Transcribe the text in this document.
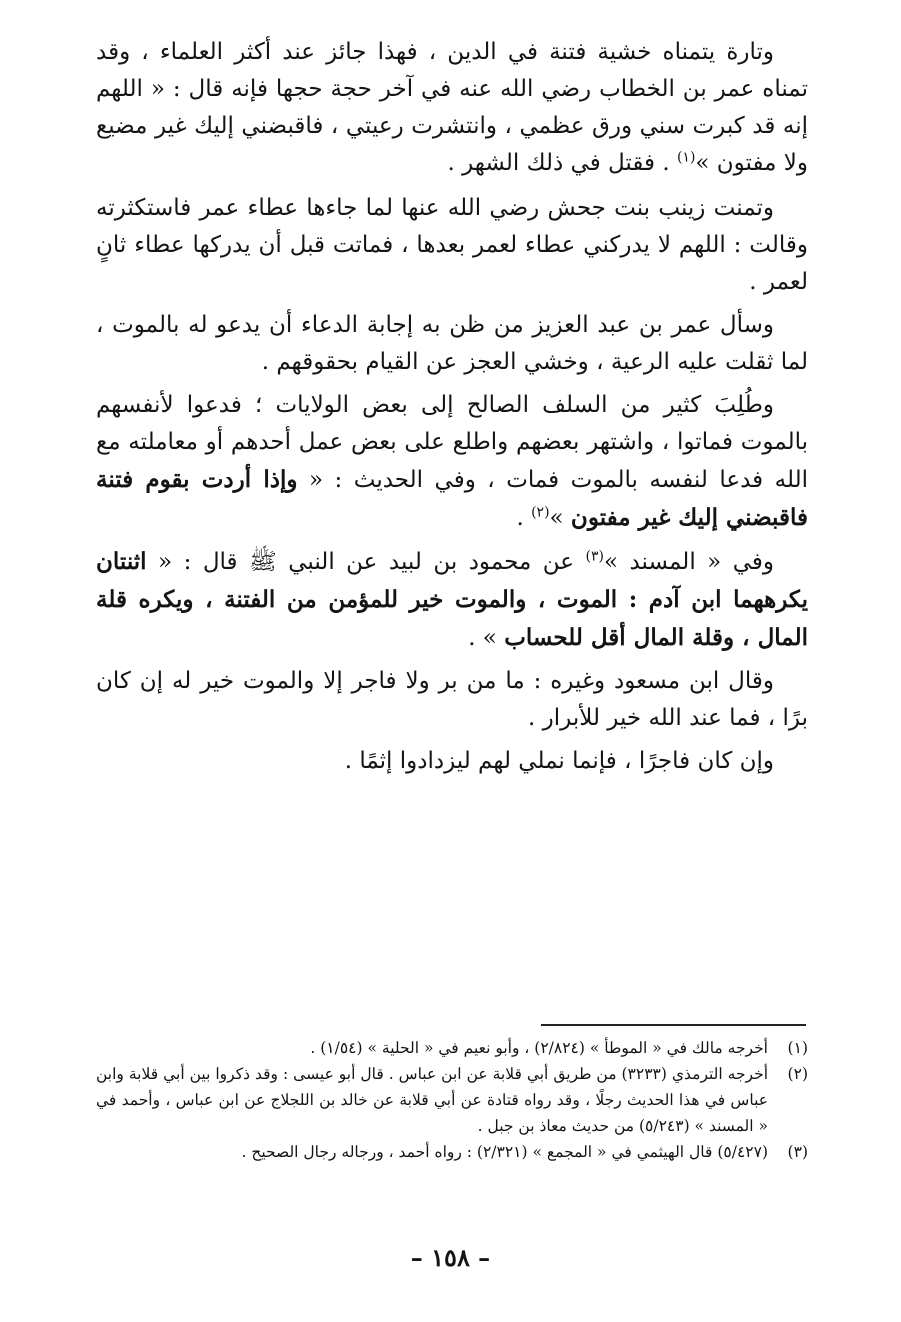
وتارة يتمناه خشية فتنة في الدين ، فهذا جائز عند أكثر العلماء ، وقد تمناه عمر بن الخطاب رضي الله عنه في آخر حجة حجها فإنه قال : « اللهم إنه قد كبرت سني ورق عظمي ، وانتشرت رعيتي ، فاقبضني إليك غير مضيع ولا مفتون »$^{(١)}$ . فقتل في ذلك الشهر .

وتمنت زينب بنت جحش رضي الله عنها لما جاءها عطاء عمر فاستكثرته وقالت : اللهم لا يدركني عطاء لعمر بعدها ، فماتت قبل أن يدركها عطاء ثانٍ لعمر .

وسأل عمر بن عبد العزيز من ظن به إجابة الدعاء أن يدعو له بالموت ، لما ثقلت عليه الرعية ، وخشي العجز عن القيام بحقوقهم .

وطُلِبَ كثير من السلف الصالح إلى بعض الولايات ؛ فدعوا لأنفسهم بالموت فماتوا ، واشتهر بعضهم واطلع على بعض عمل أحدهم أو معاملته مع الله فدعا لنفسه بالموت فمات ، وفي الحديث : « وإذا أردت بقوم فتنة فاقبضني إليك غير مفتون »$^{(٢)}$ .

وفي « المسند »$^{(٣)}$ عن محمود بن لبيد عن النبي ﷺ قال : « اثنتان يكرههما ابن آدم : الموت ، والموت خير للمؤمن من الفتنة ، ويكره قلة المال ، وقلة المال أقل للحساب » .

وقال ابن مسعود وغيره : ما من بر ولا فاجر إلا والموت خير له إن كان برًا ، فما عند الله خير للأبرار .

وإن كان فاجرًا ، فإنما نملي لهم ليزدادوا إثمًا .

(١)
أخرجه مالك في « الموطأ » (٢/٨٢٤) ، وأبو نعيم في « الحلية » (١/٥٤) .
(٢)
أخرجه الترمذي (٣٢٣٣) من طريق أبي قلابة عن ابن عباس . قال أبو عيسى : وقد ذكروا بين أبي قلابة وابن عباس في هذا الحديث رجلًا ، وقد رواه قتادة عن أبي قلابة عن خالد بن اللجلاج عن ابن عباس ، وأحمد في « المسند » (٥/٢٤٣) من حديث معاذ بن جبل .
(٣)
(٥/٤٢٧) قال الهيثمي في « المجمع » (٢/٣٢١) : رواه أحمد ، ورجاله رجال الصحيح .
– ١٥٨ –
